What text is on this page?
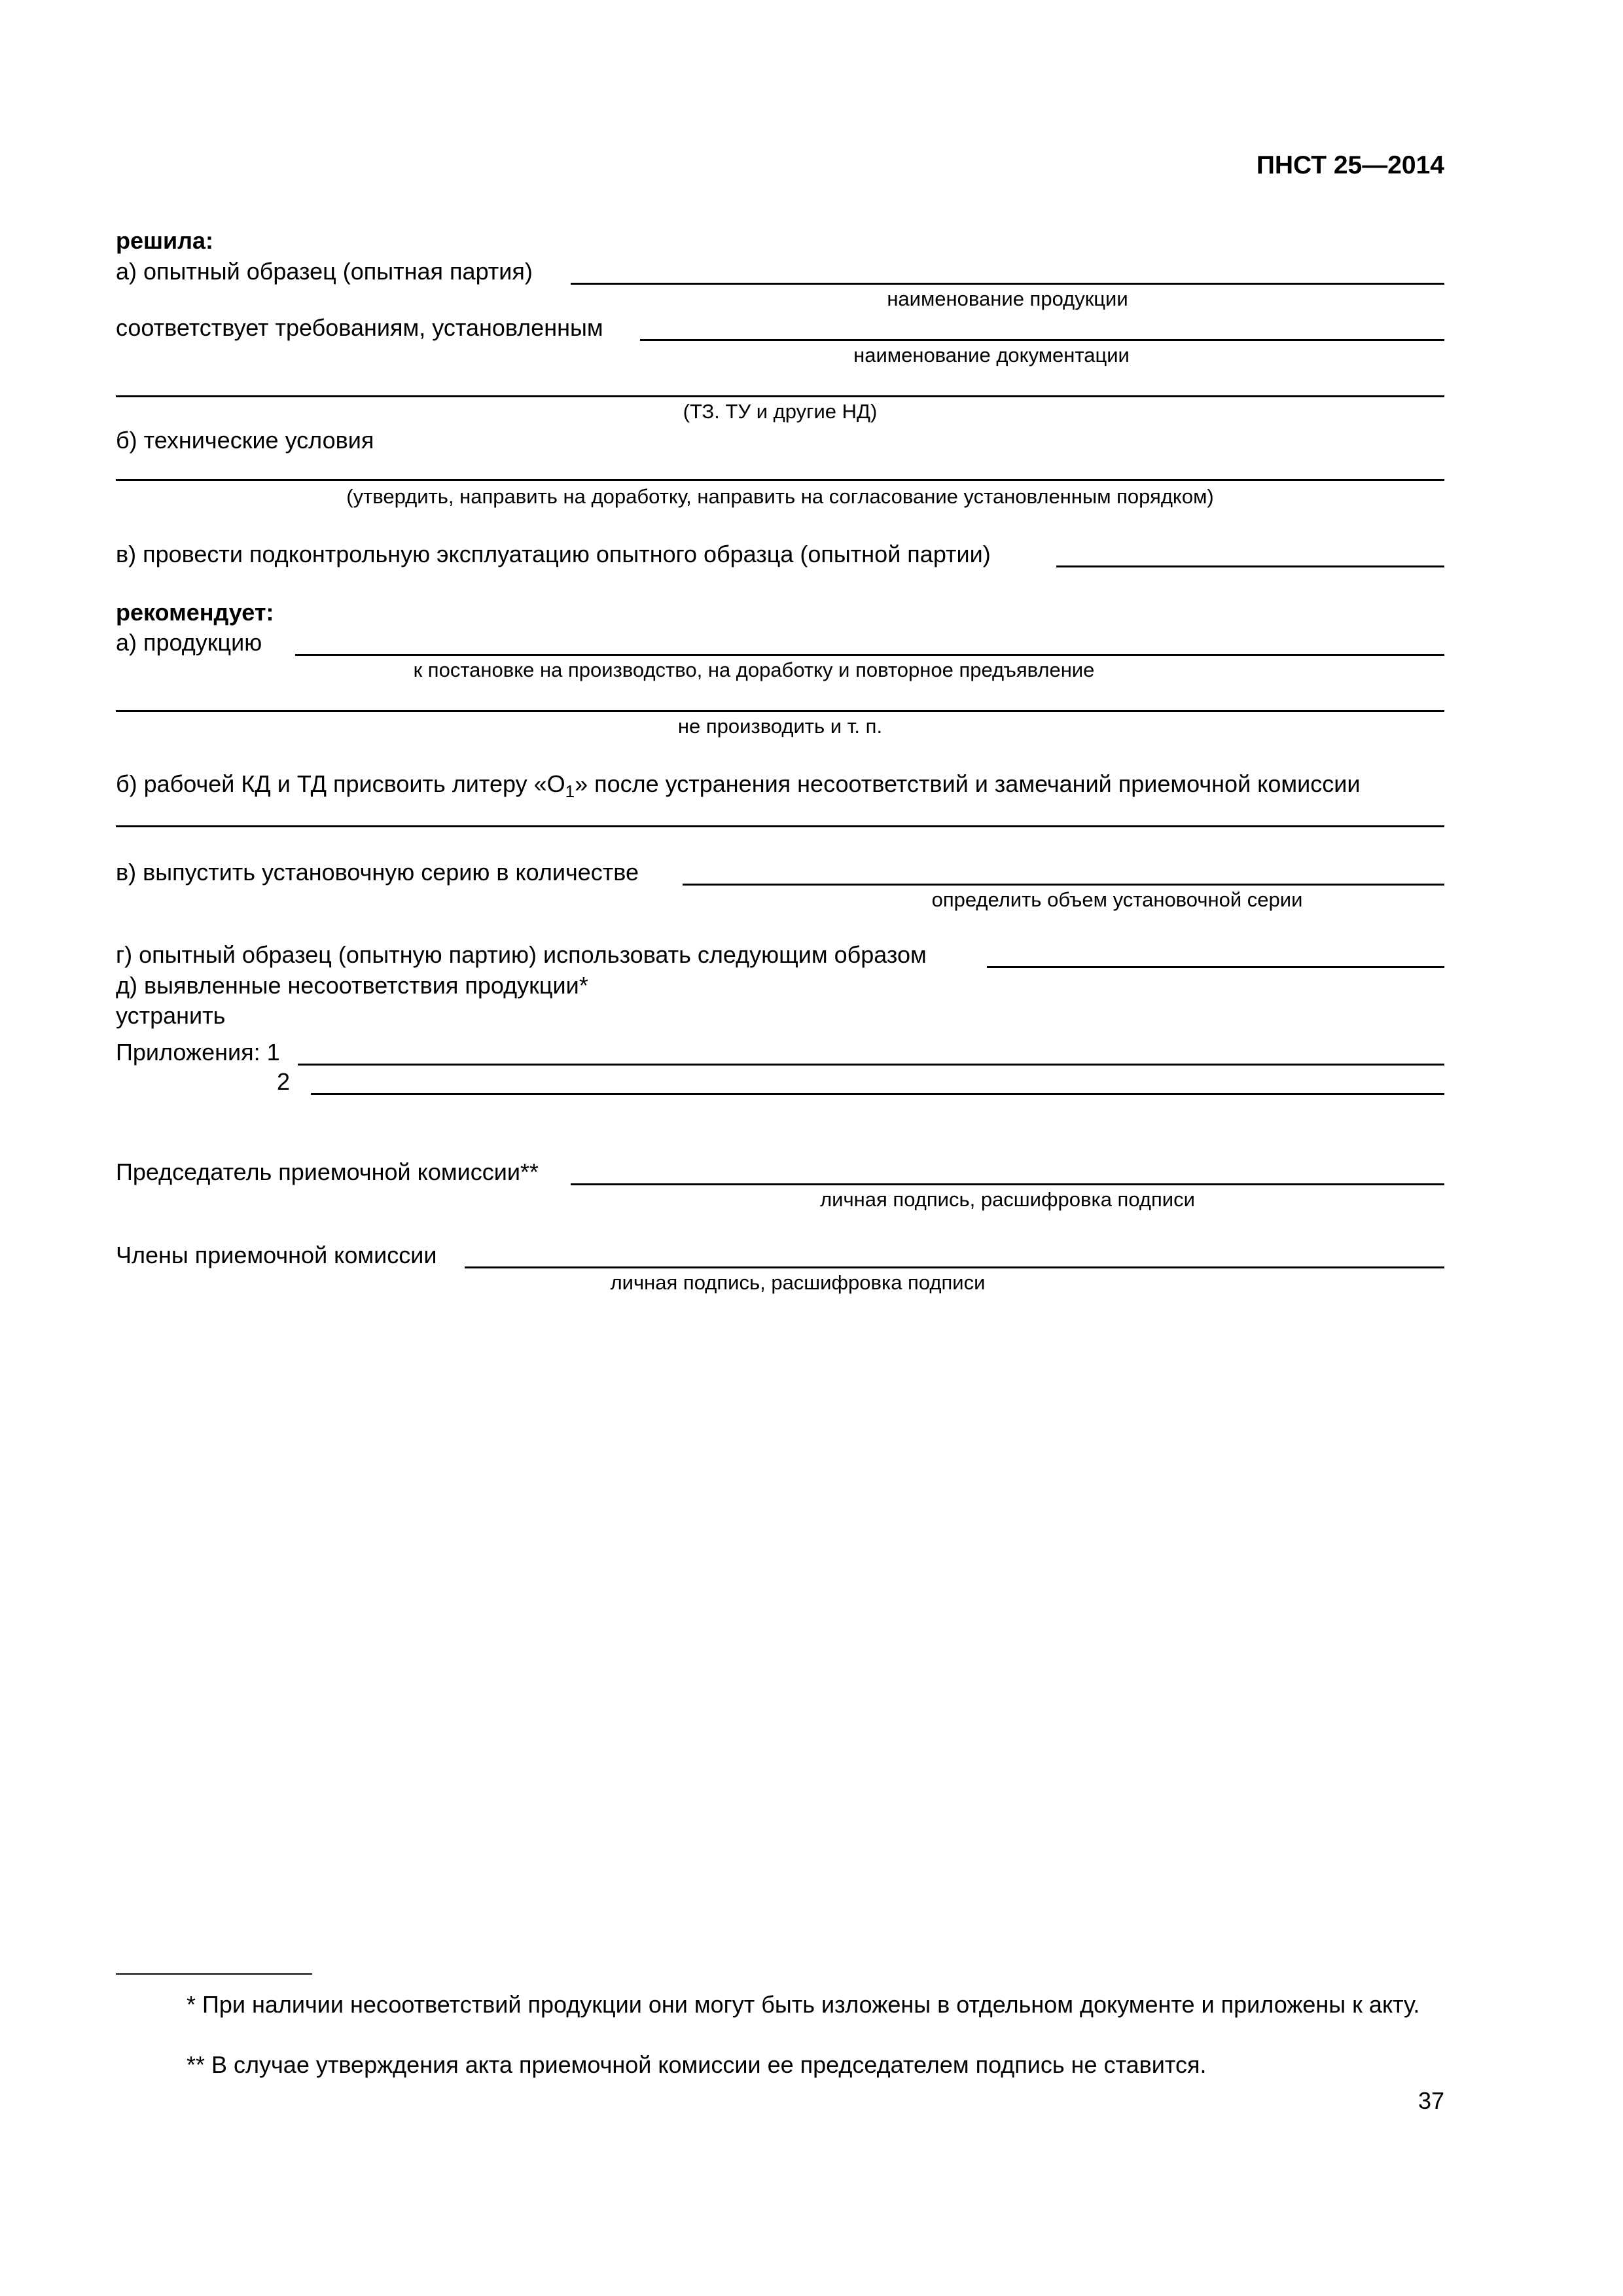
ПНСТ 25—2014
решила:
а) опытный образец (опытная партия)
наименование продукции
соответствует требованиям, установленным
наименование документации
(ТЗ. ТУ и другие НД)
б) технические условия
(утвердить, направить на доработку, направить на согласование установленным порядком)
в) провести подконтрольную эксплуатацию опытного образца (опытной партии)
рекомендует:
а) продукцию
к постановке на производство, на доработку и повторное предъявление
не производить и т. п.
б) рабочей КД и ТД присвоить литеру «$О_1$» после устранения несоответствий и замечаний приемочной комиссии
в) выпустить установочную серию в количестве
определить объем установочной серии
г) опытный образец (опытную партию) использовать следующим образом
д) выявленные несоответствия продукции*
устранить
Приложения: 1
2
Председатель приемочной комиссии**
личная подпись, расшифровка подписи
Члены приемочной комиссии
личная подпись, расшифровка подписи
* При наличии несоответствий продукции они могут быть изложены в отдельном документе и приложены к акту.
** В случае утверждения акта приемочной комиссии ее председателем подпись не ставится.
37
